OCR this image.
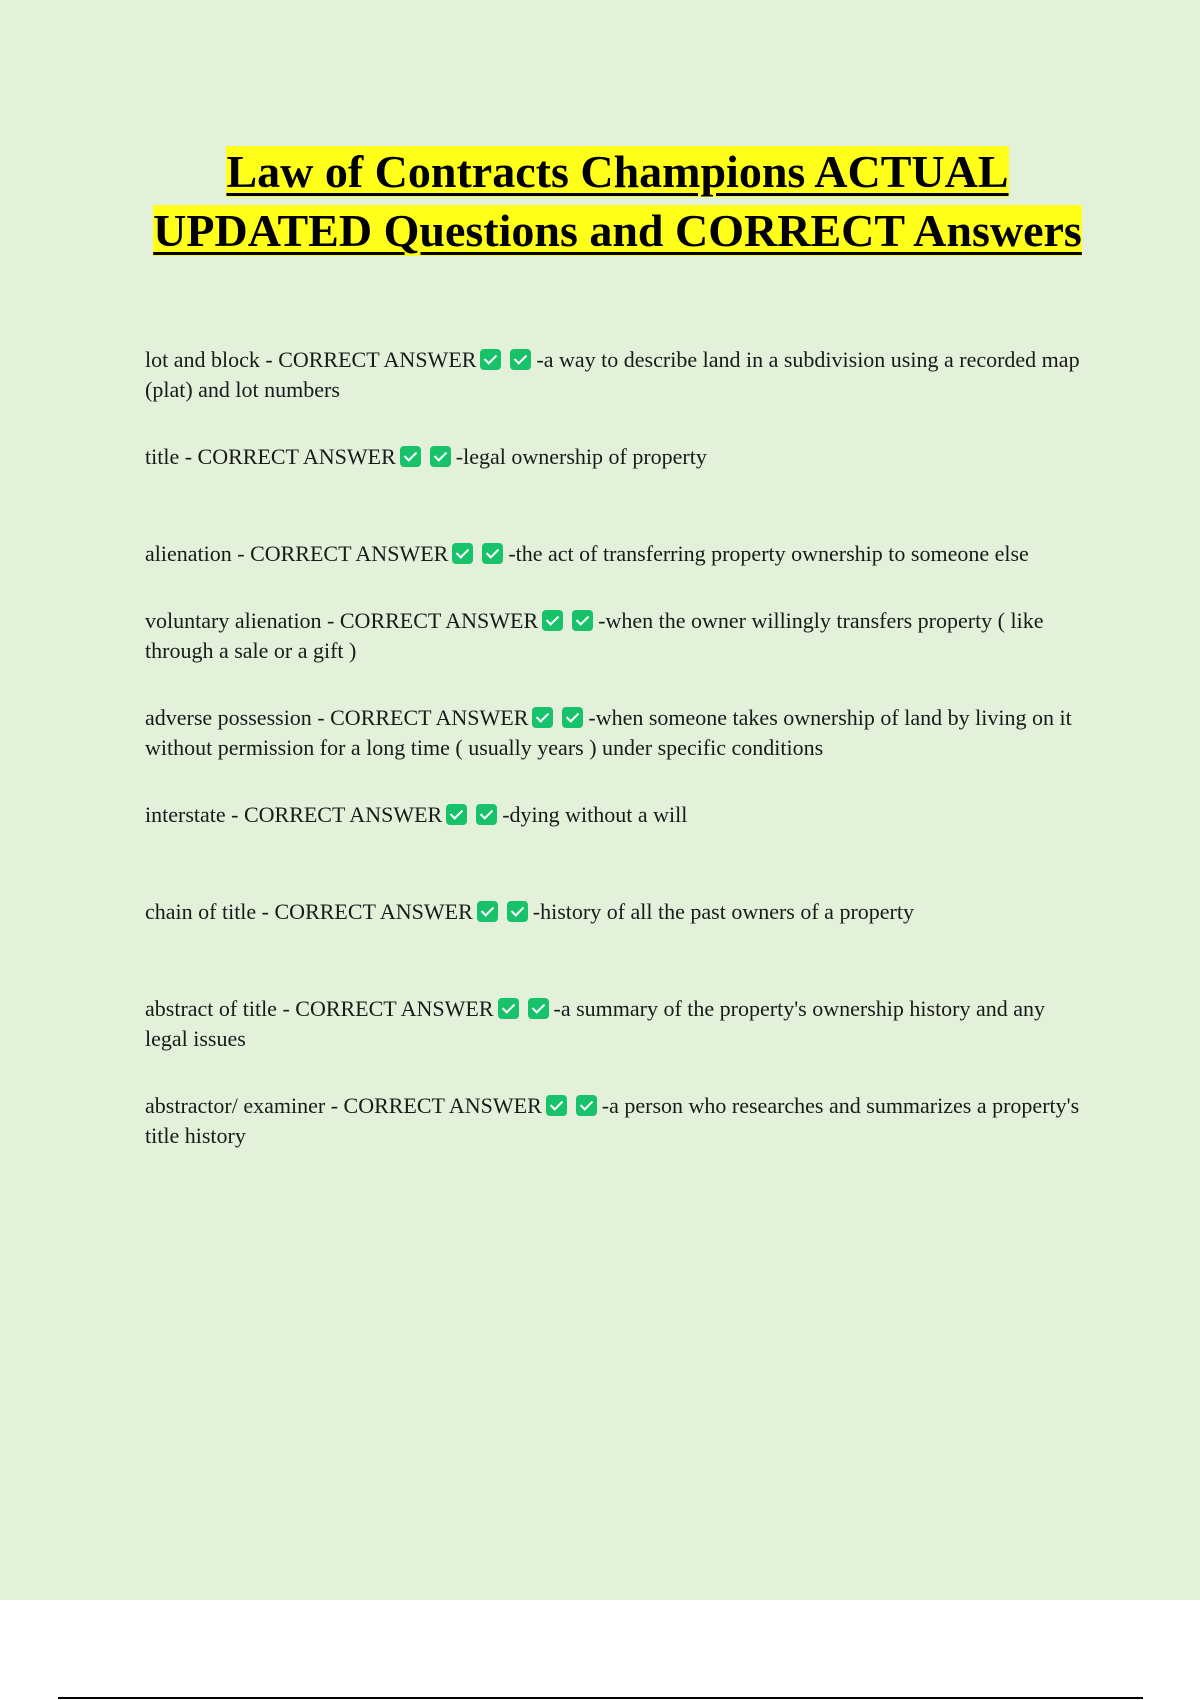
Law of Contracts Champions ACTUAL UPDATED Questions and CORRECT Answers

lot and block - CORRECT ANSWER	-a way to describe land in a subdivision using a recorded map (plat) and lot numbers

title - CORRECT ANSWER	-legal ownership of property

alienation - CORRECT ANSWER	-the act of transferring property ownership to someone else

voluntary alienation - CORRECT ANSWER	-when the owner willingly transfers property ( like through a sale or a gift )

adverse possession - CORRECT ANSWER	-when someone takes ownership of land by living on it without permission for a long time ( usually years ) under specific conditions

interstate - CORRECT ANSWER	-dying without a will

chain of title - CORRECT ANSWER	-history of all the past owners of a property

abstract of title - CORRECT ANSWER	-a summary of the property's ownership history and any legal issues

abstractor/ examiner - CORRECT ANSWER	-a person who researches and summarizes a property's title history
